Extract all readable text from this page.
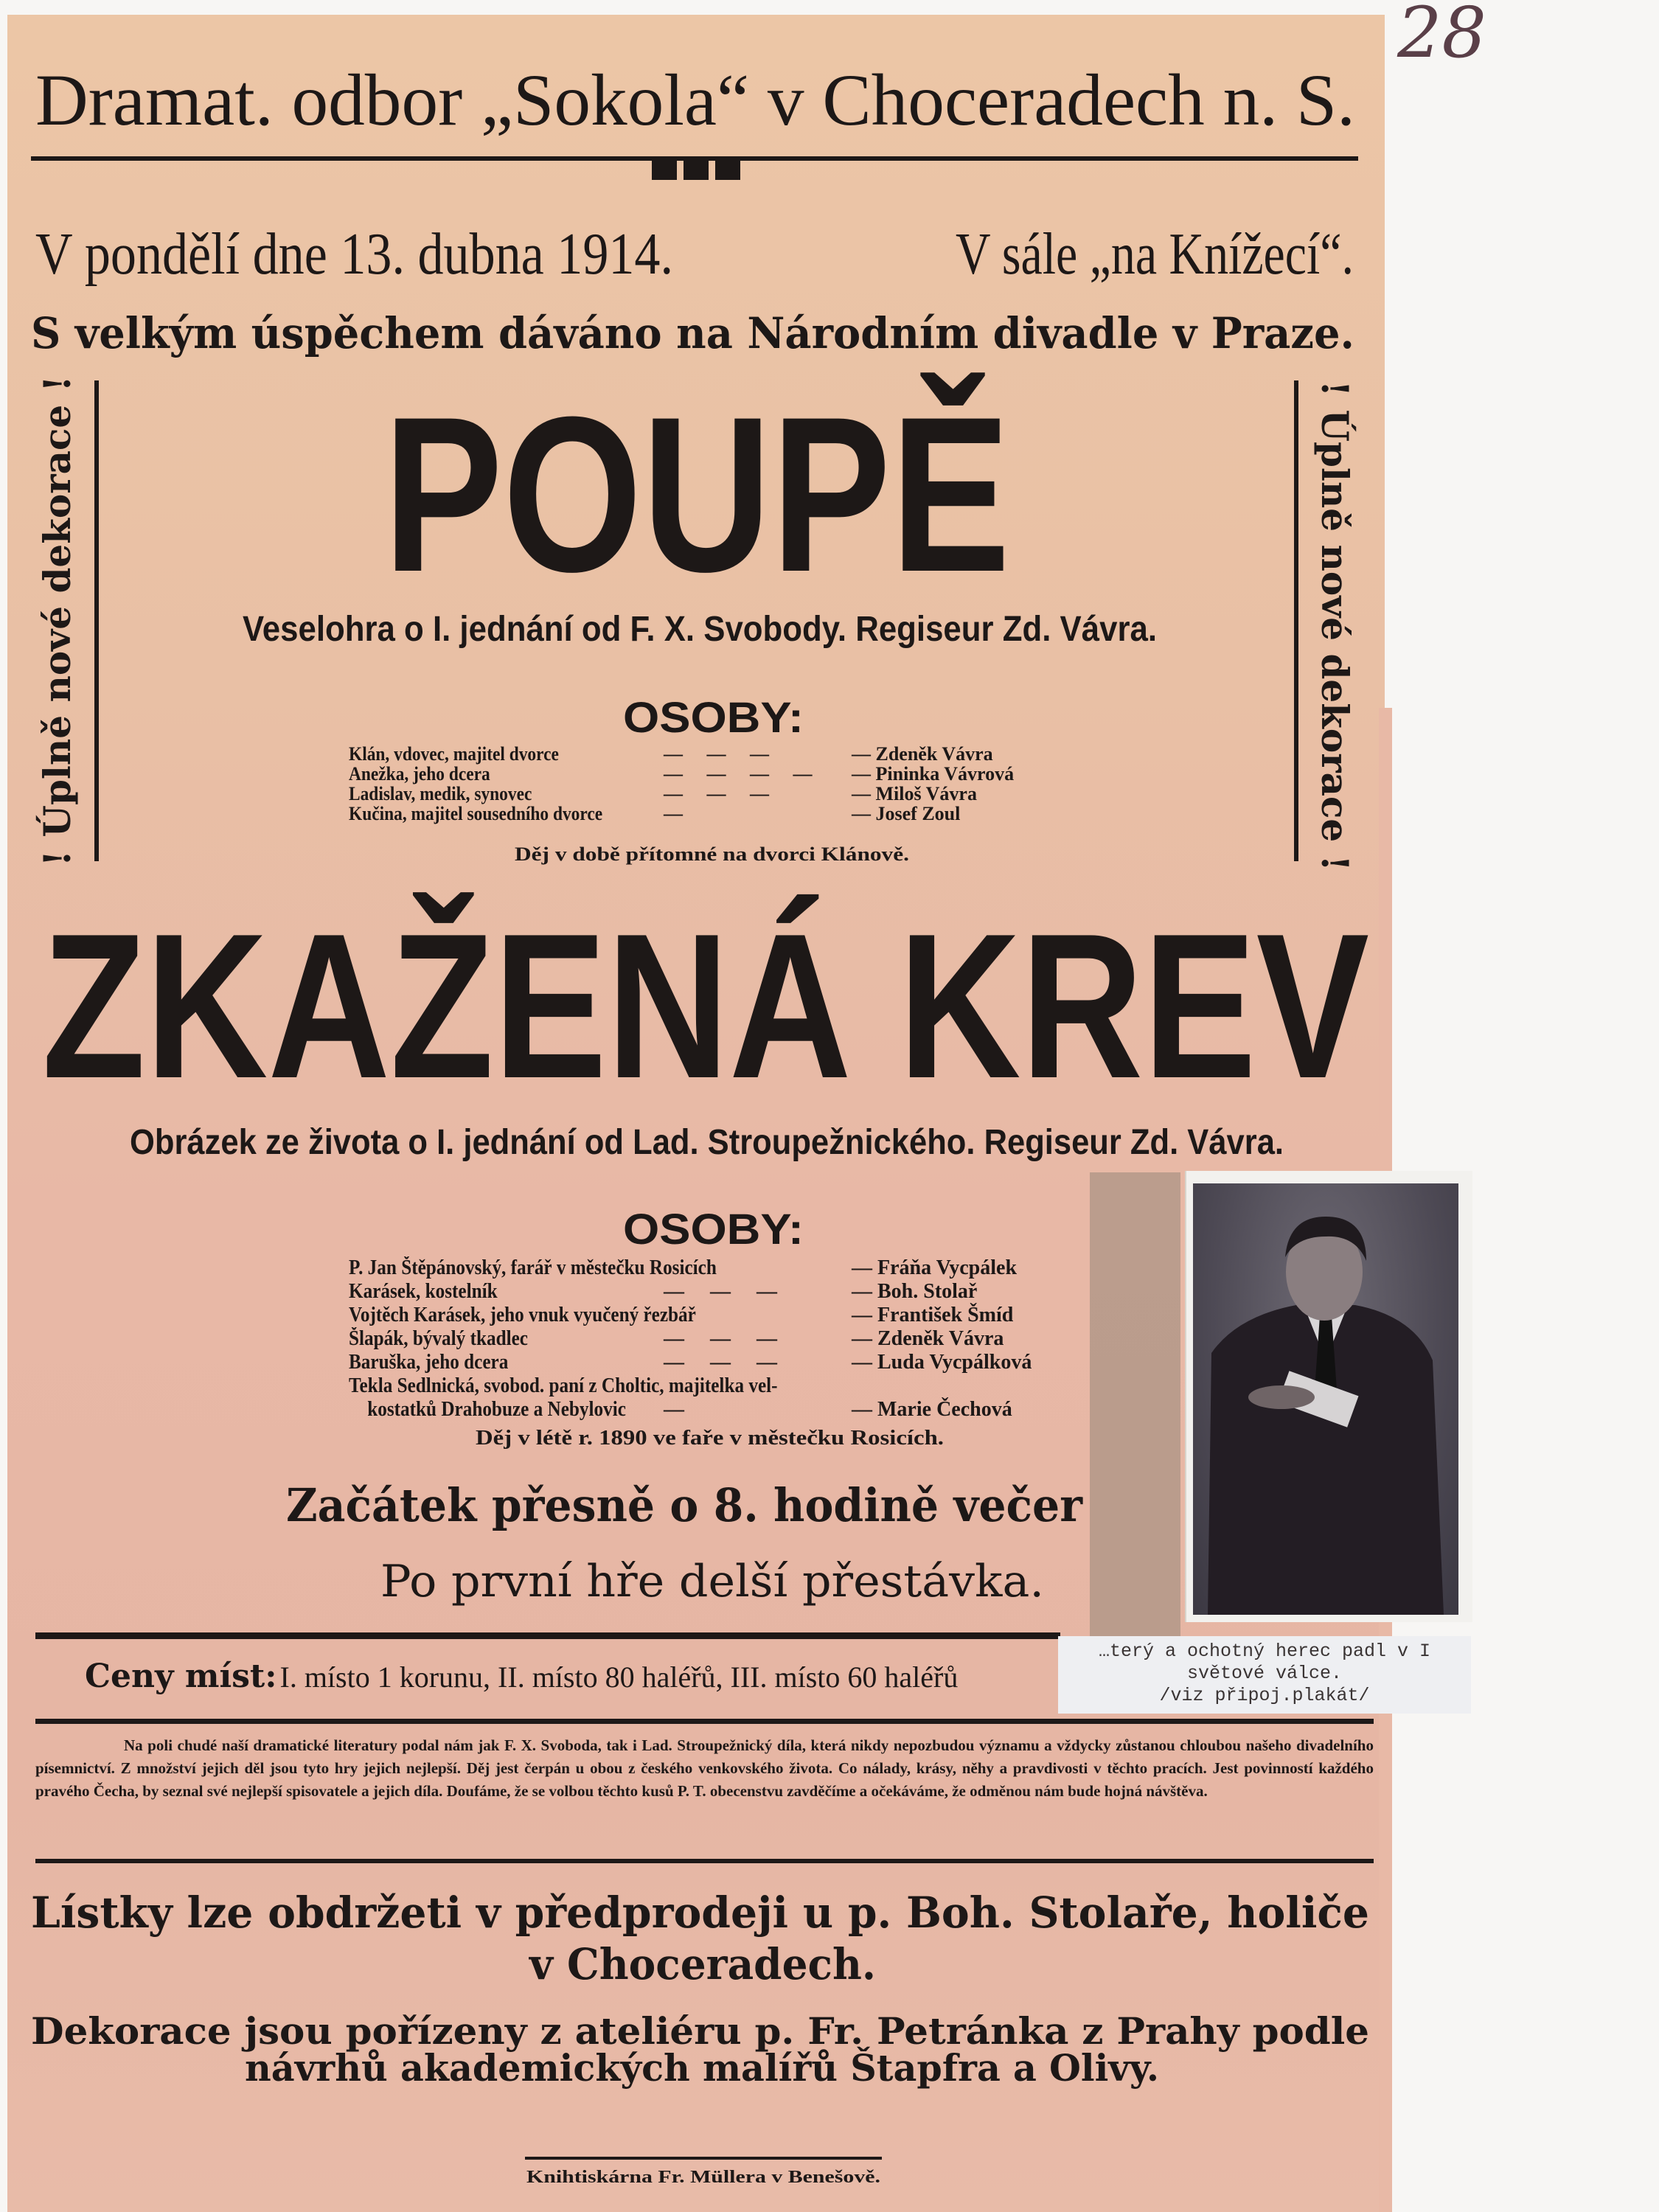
28
Dramat. odbor „Sokola“ v Choceradech n. S.
V pondělí dne 13. dubna 1914.	V sále „na Knížecí“.
S velkým úspěchem dáváno na Národním divadle v Praze.
! Úplně nové dekorace !	! Úplně nové dekorace !
POUPĚ
Veselohra o I. jednání od F. X. Svobody. Regiseur Zd. Vávra.
OSOBY:
Klán, vdovec, majitel dvorce	—     —     —	— Zdeněk Vávra
Anežka, jeho dcera	—     —     —     — — Pininka Vávrová
Ladislav, medik, synovec	—     —     —	— Miloš Vávra
Kučina, majitel sousedního dvorce	—	— Josef Zoul
Děj v době přítomné na dvorci Klánově.
ZKAŽENÁ KREV
Obrázek ze života o I. jednání od Lad. Stroupežnického. Regiseur Zd. Vávra.
OSOBY:
P. Jan Štěpánovský, farář v městečku Rosicích	— Fráňa Vycpálek
Karásek, kostelník	—     —     —	— Boh. Stolař
Vojtěch Karásek, jeho vnuk vyučený řezbář	— František Šmíd
Šlapák, bývalý tkadlec	—     —     —	— Zdeněk Vávra
Baruška, jeho dcera	—     —     —	— Luda Vycpálková
Tekla Sedlnická, svobod. paní z Choltic, majitelka vel-
kostatků Drahobuze a Nebylovic —	— Marie Čechová
Děj v létě r. 1890 ve faře v městečku Rosicích.
Začátek přesně o 8. hodině večer
Po první hře delší přestávka.
Ceny míst: I. místo 1 korunu, II. místo 80 haléřů, III. místo 60 haléřů
Na poli chudé naší dramatické literatury podal nám jak F. X. Svoboda, tak i Lad. Stroupežnický díla, která nikdy nepozbudou významu a vždycky zůstanou chloubou našeho divadelního písemnictví. Z množství jejich děl jsou tyto hry jejich nejlepší. Děj jest čerpán u obou z českého venkovského života. Co nálady, krásy, něhy a pravdivosti v těchto pracích. Jest povinností každého pravého Čecha, by seznal své nejlepší spisovatele a jejich díla. Doufáme, že se volbou těchto kusů P. T. obecenstvu zavděčíme a očekáváme, že odměnou nám bude hojná návštěva.
Lístky lze obdržeti v předprodeji u p. Boh. Stolaře, holiče
v Choceradech.
Dekorace jsou pořízeny z ateliéru p. Fr. Petránka z Prahy podle
návrhů akademických malířů Štapfra a Olivy.
Knihtiskárna Fr. Müllera v Benešově.
…terý a ochotný herec padl v I
světové válce.
/viz připoj.plakát/
